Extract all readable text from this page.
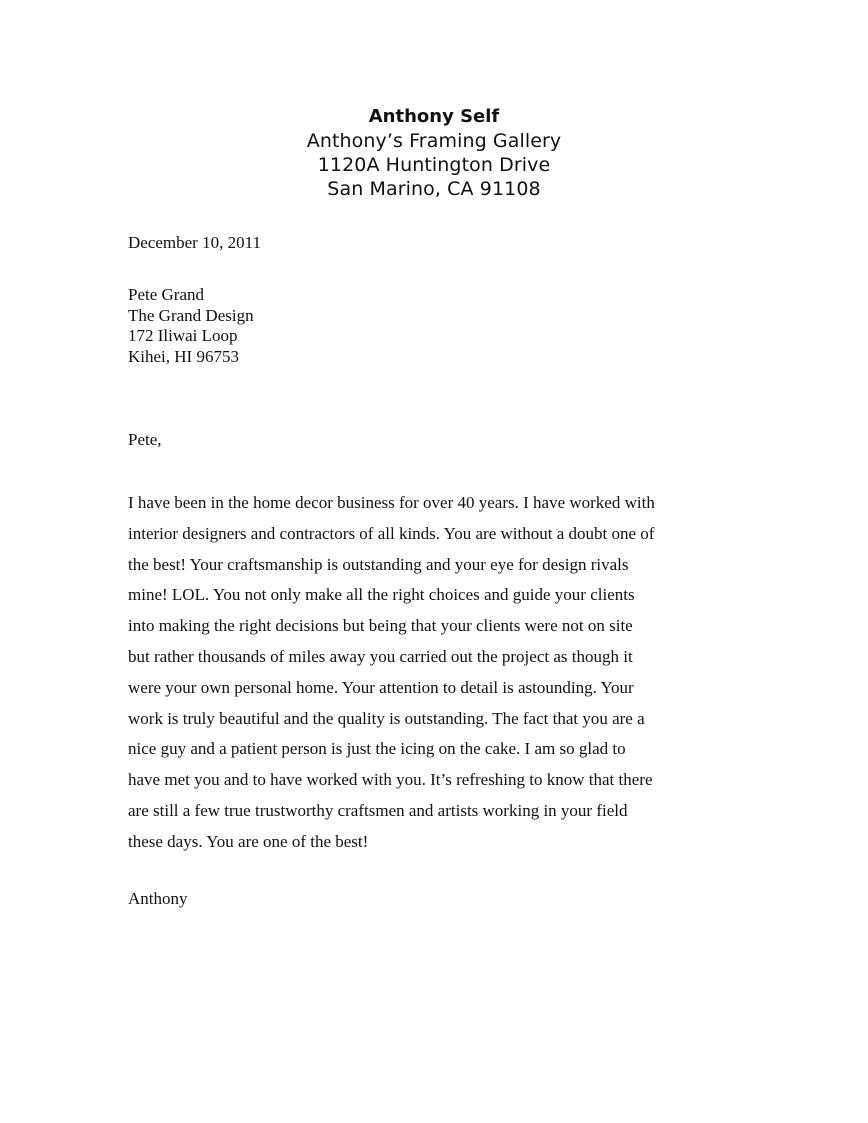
Anthony Self

Anthony’s Framing Gallery

1120A Huntington Drive

San Marino, CA 91108

December 10, 2011

Pete Grand
The Grand Design
172 Iliwai Loop
Kihei, HI 96753

Pete,

I have been in the home decor business for over 40 years. I have worked with
interior designers and contractors of all kinds. You are without a doubt one of
the best! Your craftsmanship is outstanding and your eye for design rivals
mine! LOL. You not only make all the right choices and guide your clients
into making the right decisions but being that your clients were not on site
but rather thousands of miles away you carried out the project as though it
were your own personal home. Your attention to detail is astounding. Your
work is truly beautiful and the quality is outstanding. The fact that you are a
nice guy and a patient person is just the icing on the cake. I am so glad to
have met you and to have worked with you. It’s refreshing to know that there
are still a few true trustworthy craftsmen and artists working in your field
these days. You are one of the best!

Anthony
